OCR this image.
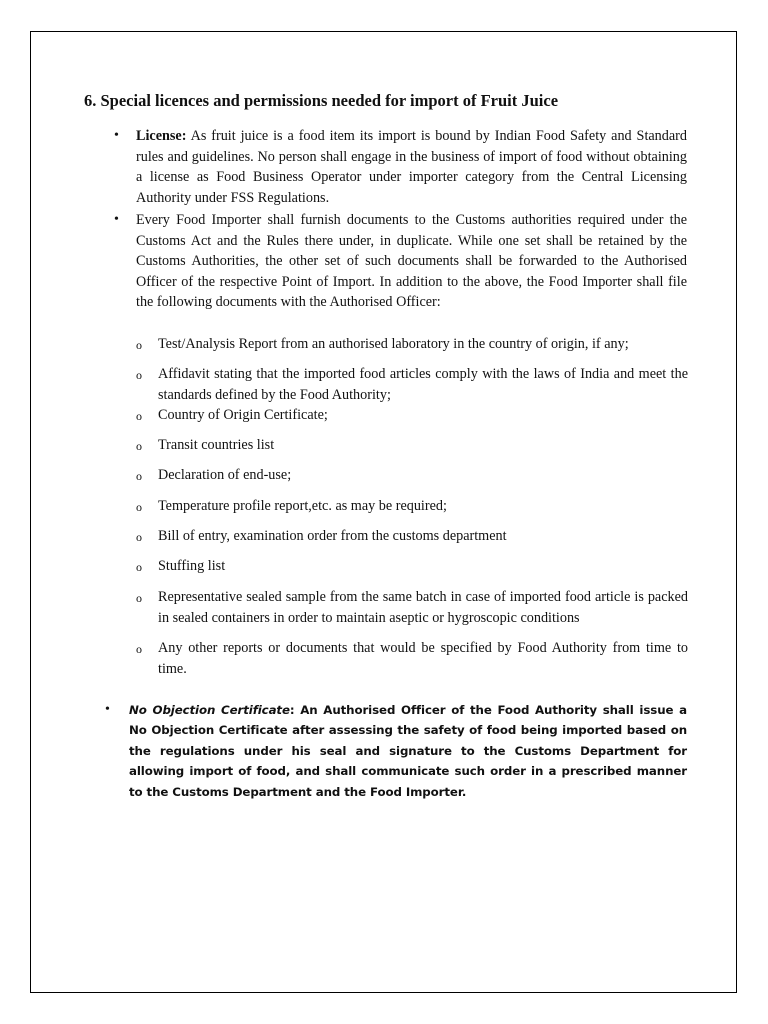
6. Special licences and permissions needed for import of Fruit Juice
• License: As fruit juice is a food item its import is bound by Indian Food Safety and Standard rules and guidelines. No person shall engage in the business of import of food without obtaining a license as Food Business Operator under importer category from the Central Licensing Authority under FSS Regulations.
• Every Food Importer shall furnish documents to the Customs authorities required under the Customs Act and the Rules there under, in duplicate. While one set shall be retained by the Customs Authorities, the other set of such documents shall be forwarded to the Authorised Officer of the respective Point of Import. In addition to the above, the Food Importer shall file the following documents with the Authorised Officer:
o Test/Analysis Report from an authorised laboratory in the country of origin, if any;
o Affidavit stating that the imported food articles comply with the laws of India and meet the standards defined by the Food Authority;
o Country of Origin Certificate;
o Transit countries list
o Declaration of end-use;
o Temperature profile report,etc. as may be required;
o Bill of entry, examination order from the customs department
o Stuffing list
o Representative sealed sample from the same batch in case of imported food article is packed in sealed containers in order to maintain aseptic or hygroscopic conditions
o Any other reports or documents that would be specified by Food Authority from time to time.
• No Objection Certificate: An Authorised Officer of the Food Authority shall issue a No Objection Certificate after assessing the safety of food being imported based on the regulations under his seal and signature to the Customs Department for allowing import of food, and shall communicate such order in a prescribed manner to the Customs Department and the Food Importer.
